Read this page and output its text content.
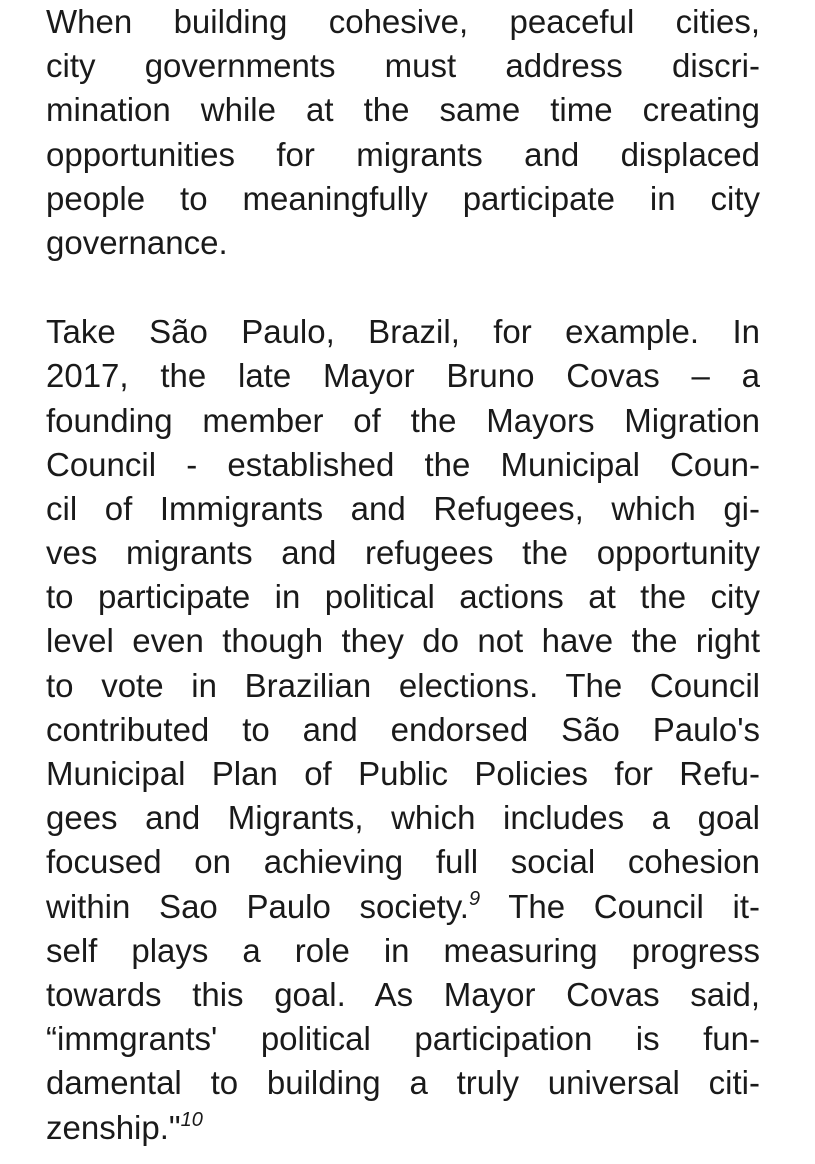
When building cohesive, peaceful cities,
city governments must address discri-
mination while at the same time creating
opportunities for migrants and displaced
people to meaningfully participate in city
governance.
Take São Paulo, Brazil, for example. In
2017, the late Mayor Bruno Covas – a
founding member of the Mayors Migration
Council - established the Municipal Coun-
cil of Immigrants and Refugees, which gi-
ves migrants and refugees the opportunity
to participate in political actions at the city
level even though they do not have the right
to vote in Brazilian elections. The Council
contributed to and endorsed São Paulo's
Municipal Plan of Public Policies for Refu-
gees and Migrants, which includes a goal
focused on achieving full social cohesion
within Sao Paulo society.$^9$ The Council it-
self plays a role in measuring progress
towards this goal. As Mayor Covas said,
“immgrants' political participation is fun-
damental to building a truly universal citi-
zenship."$^{10}$
